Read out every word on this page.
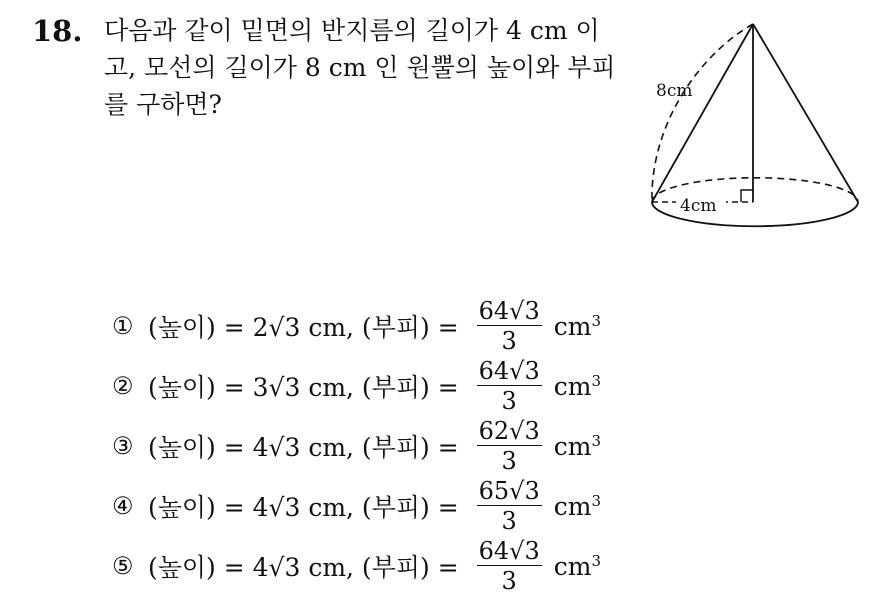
18. 다음과 같이 밑면의 반지름의 길이가 4 cm 이
고, 모선의 길이가 8 cm 인 원뿔의 높이와 부피
를 구하면?	8cm
4cm
① (높이) = 2√3 cm, (부피) = $\frac{64√3}{3} cm^3$
② (높이) = 3√3 cm, (부피) = $\frac{64√3}{3} cm^3$
③ (높이) = 4√3 cm, (부피) = $\frac{62√3}{3} cm^3$
④ (높이) = 4√3 cm, (부피) = $\frac{65√3}{3} cm^3$
⑤ (높이) = 4√3 cm, (부피) = $\frac{64√3}{3} cm^3$
